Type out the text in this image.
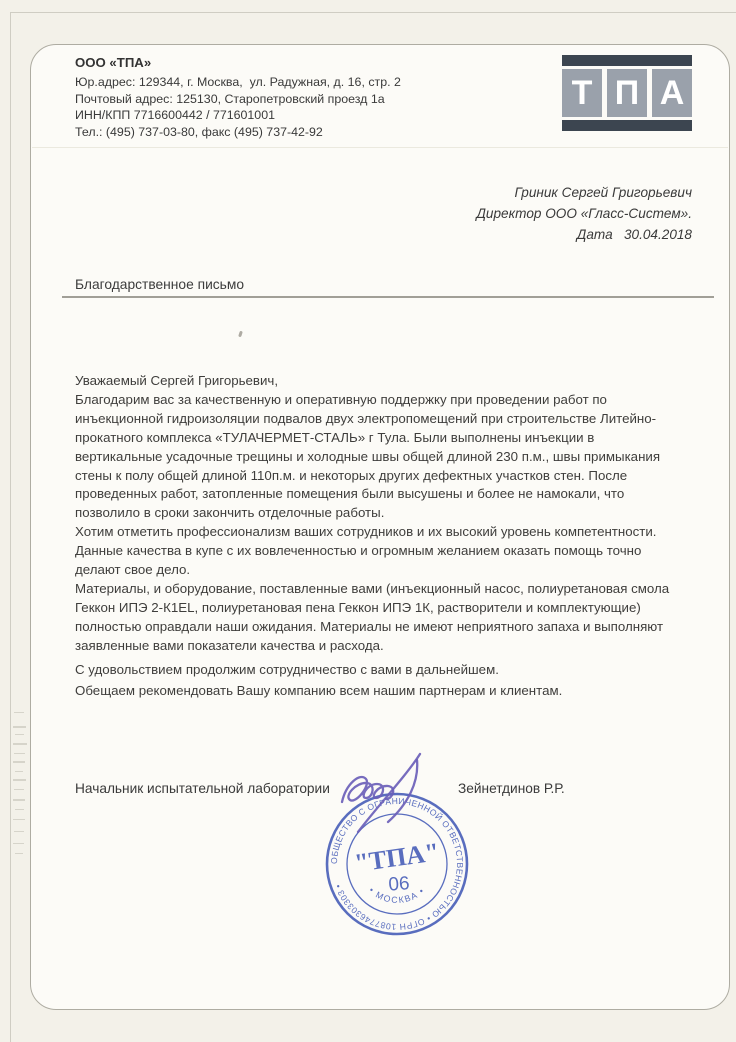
ООО «ТПА»
Юр.адрес: 129344, г. Москва,  ул. Радужная, д. 16, стр. 2
Почтовый адрес: 125130, Старопетровский проезд 1а
ИНН/КПП 7716600442 / 771601001
Тел.: (495) 737-03-80, факс (495) 737-42-92
Т П А
Гриник Сергей Григорьевич
Директор ООО «Гласс-Систем».
Дата   30.04.2018
Благодарственное письмо
Уважаемый Сергей Григорьевич,
Благодарим вас за качественную и оперативную поддержку при проведении работ по
инъекционной гидроизоляции подвалов двух электропомещений при строительстве Литейно-
прокатного комплекса «ТУЛАЧЕРМЕТ-СТАЛЬ» г Тула. Были выполнены инъекции в
вертикальные усадочные трещины и холодные швы общей длиной 230 п.м., швы примыкания
стены к полу общей длиной 110п.м. и некоторых других дефектных участков стен. После
проведенных работ, затопленные помещения были высушены и более не намокали, что
позволило в сроки закончить отделочные работы.
Хотим отметить профессионализм ваших сотрудников и их высокий уровень компетентности.
Данные качества в купе с их вовлеченностью и огромным желанием оказать помощь точно
делают свое дело.
Материалы, и оборудование, поставленные вами (инъекционный насос, полиуретановая смола
Геккон ИПЭ 2-К1EL, полиуретановая пена Геккон ИПЭ 1К, растворители и комплектующие)
полностью оправдали наши ожидания. Материалы не имеют неприятного запаха и выполняют
заявленные вами показатели качества и расхода.
С удовольствием продолжим сотрудничество с вами в дальнейшем.
Обещаем рекомендовать Вашу компанию всем нашим партнерам и клиентам.
Начальник испытательной лаборатории	Зейнетдинов Р.Р.
ОБЩЕСТВО С ОГРАНИЧЕННОЙ ОТВЕТСТВЕННОСТЬЮ • ОГРН 1087746303303 •	• МОСКВА •
"ТПА"
06
